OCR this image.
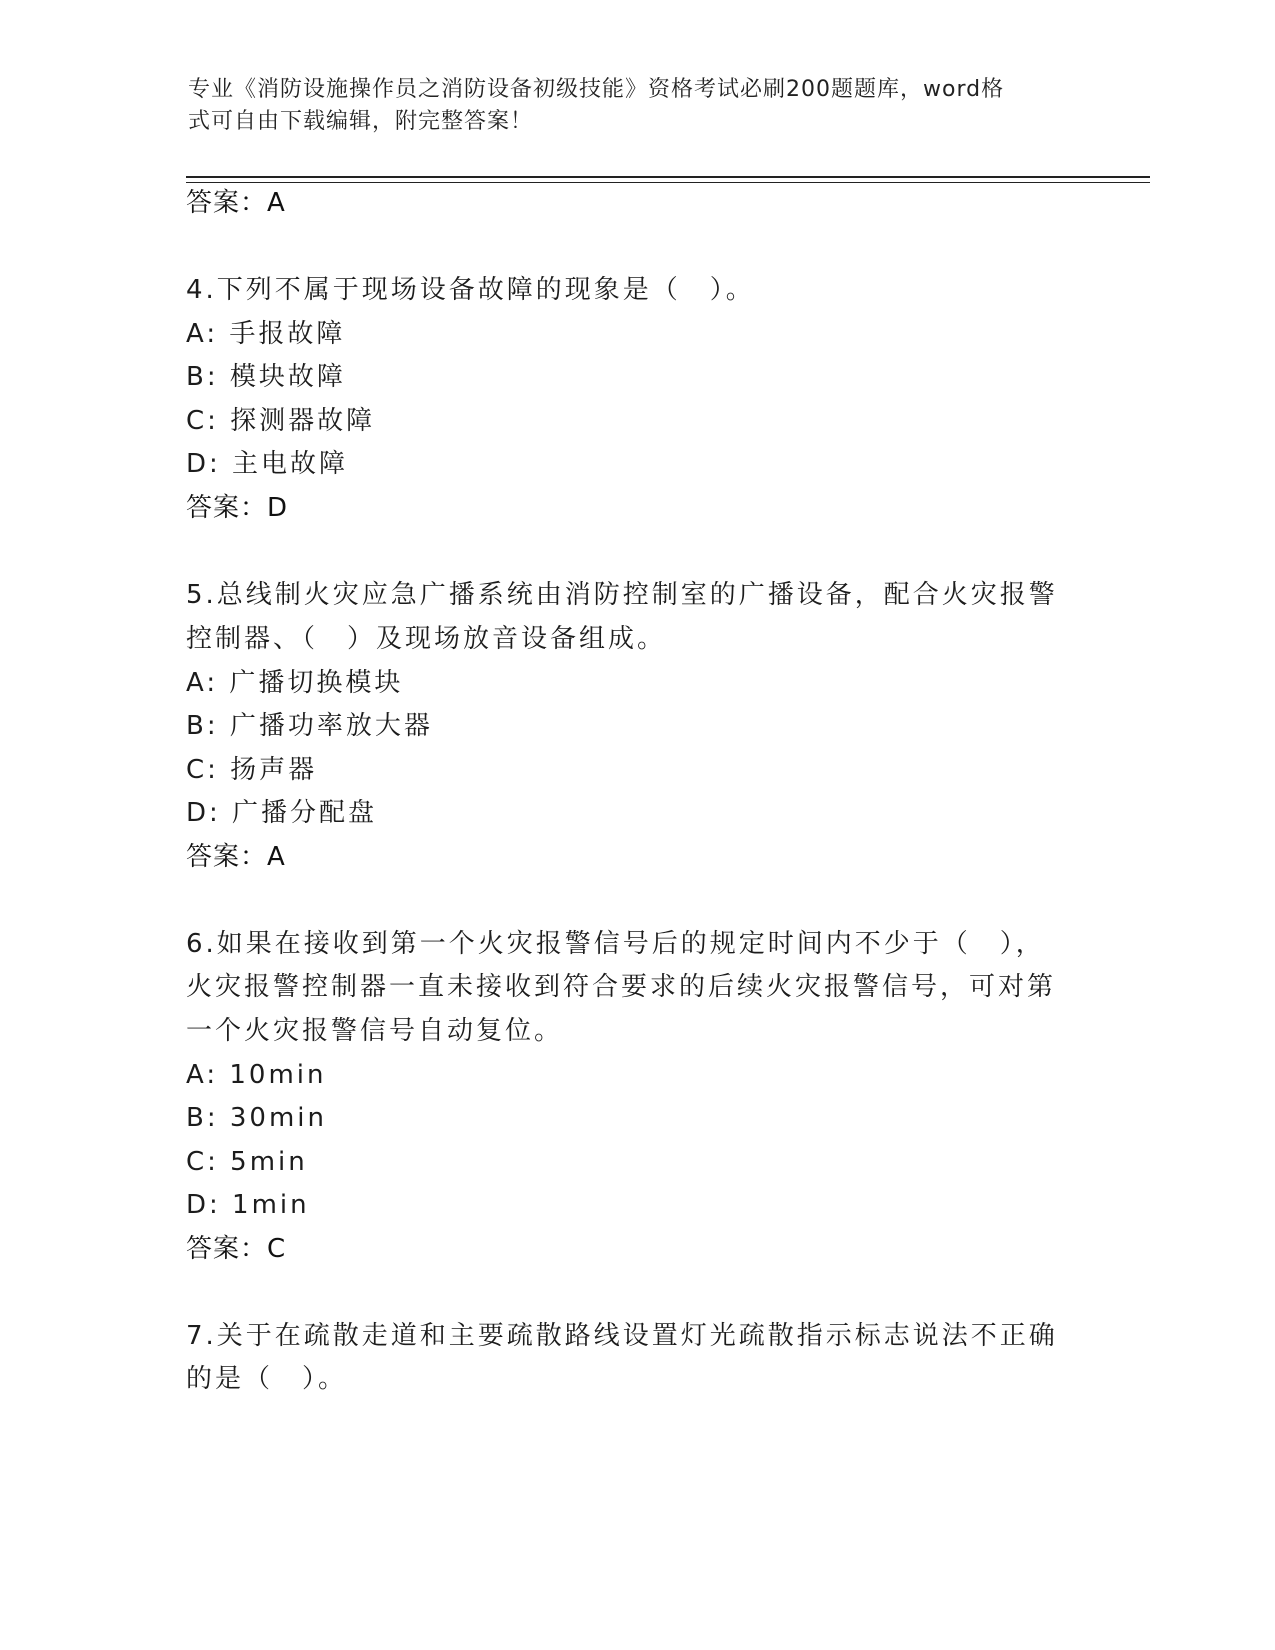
专业《消防设施操作员之消防设备初级技能》资格考试必刷200题题库，word格
式可自由下载编辑，附完整答案！
答案：A
4.下列不属于现场设备故障的现象是（　）。
A: 手报故障
B: 模块故障
C: 探测器故障
D: 主电故障
答案：D
5.总线制火灾应急广播系统由消防控制室的广播设备，配合火灾报警
控制器、（　）及现场放音设备组成。
A: 广播切换模块
B: 广播功率放大器
C: 扬声器
D: 广播分配盘
答案：A
6.如果在接收到第一个火灾报警信号后的规定时间内不少于（　），
火灾报警控制器一直未接收到符合要求的后续火灾报警信号，可对第
一个火灾报警信号自动复位。
A: 10min
B: 30min
C: 5min
D: 1min
答案：C
7.关于在疏散走道和主要疏散路线设置灯光疏散指示标志说法不正确
的是（　）。
